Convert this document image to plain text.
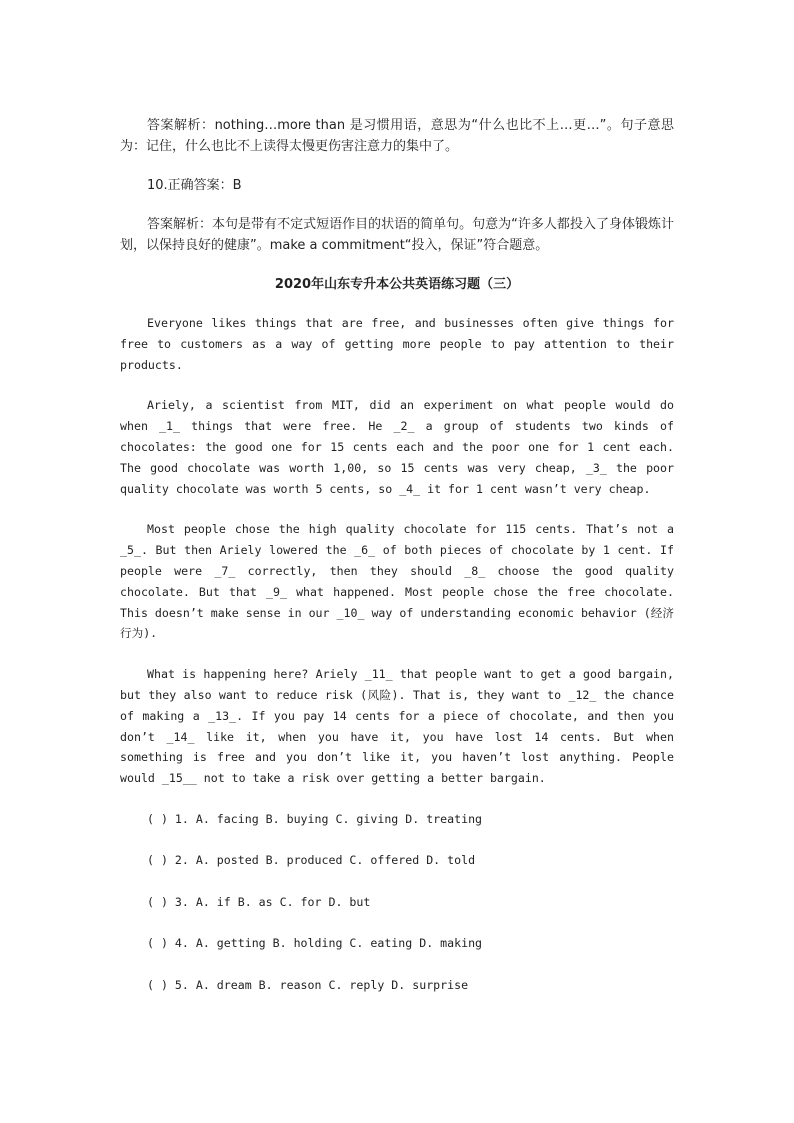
答案解析：nothing…more than 是习惯用语，意思为“什么也比不上…更…”。句子意思为：记住，什么也比不上读得太慢更伤害注意力的集中了。

10.正确答案：B

答案解析：本句是带有不定式短语作目的状语的简单句。句意为“许多人都投入了身体锻炼计划，以保持良好的健康”。make a commitment“投入，保证”符合题意。

2020年山东专升本公共英语练习题（三）

Everyone likes things that are free, and businesses often give things for free to customers as a way of getting more people to pay attention to their products.

Ariely, a scientist from MIT, did an experiment on what people would do when _1_ things that were free. He _2_ a group of students two kinds of chocolates: the good one for 15 cents each and the poor one for 1 cent each. The good chocolate was worth 1,00, so 15 cents was very cheap, _3_ the poor quality chocolate was worth 5 cents, so _4_ it for 1 cent wasn’t very cheap.

Most people chose the high quality chocolate for 115 cents. That’s not a _5_. But then Ariely lowered the _6_ of both pieces of chocolate by 1 cent. If people were _7_ correctly, then they should _8_ choose the good quality chocolate. But that _9_ what happened. Most people chose the free chocolate. This doesn’t make sense in our _10_ way of understanding economic behavior (经济行为).

What is happening here? Ariely _11_ that people want to get a good bargain, but they also want to reduce risk (风险). That is, they want to _12_ the chance of making a _13_. If you pay 14 cents for a piece of chocolate, and then you don’t _14_ like it, when you have it, you have lost 14 cents. But when something is free and you don’t like it, you haven’t lost anything. People would _15__ not to take a risk over getting a better bargain.

( ) 1. A. facing B. buying C. giving D. treating

( ) 2. A. posted B. produced C. offered D. told

( ) 3. A. if B. as C. for D. but

( ) 4. A. getting B. holding C. eating D. making

( ) 5. A. dream B. reason C. reply D. surprise
